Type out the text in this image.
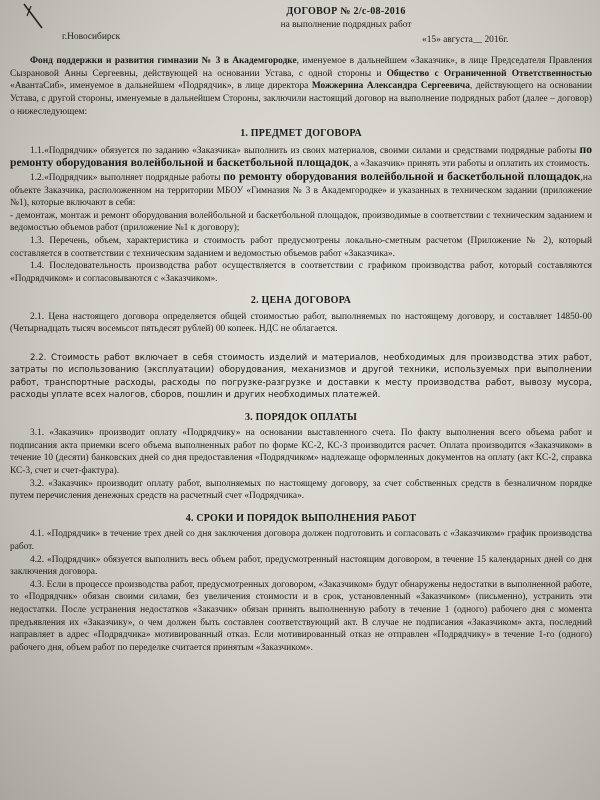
ДОГОВОР № 2/с-08-2016
на выполнение подрядных работ
г.Новосибирск	«15» августа__ 2016г.

Фонд поддержки и развития гимназии № 3 в Академгородке, именуемое в дальнейшем «Заказчик», в лице Председателя Правления Сызрановой Анны Сергеевны, действующей на основании Устава, с одной стороны и Общество с Ограниченной Ответственностью «АвантаСиб», именуемое в дальнейшем «Подрядчик», в лице директора Можжерина Александра Сергеевича, действующего на основании Устава, с другой стороны, именуемые в дальнейшем Стороны, заключили настоящий договор на выполнение подрядных работ (далее – договор) о нижеследующем:

1. ПРЕДМЕТ ДОГОВОРА

1.1.«Подрядчик» обязуется по заданию «Заказчика» выполнить из своих материалов, своими силами и средствами подрядные работы по ремонту оборудования волейбольной и баскетбольной площадок, а «Заказчик» принять эти работы и оплатить их стоимость.

1.2.«Подрядчик» выполняет подрядные работы по ремонту оборудования волейбольной и баскетбольной площадок,на объекте Заказчика, расположенном на территории МБОУ «Гимназия № 3 в Академгородке» и указанных в техническом задании (приложение №1), которые включают в себя:

- демонтаж, монтаж и ремонт оборудования волейбольной и баскетбольной площадок, произвoдимые в соответствии с техническим заданием и ведомостью объемов работ (приложение №1 к договору);

1.3. Перечень, объем, характеристика и стоимость работ предусмотрены локально-сметным расчетом (Приложение № 2), который составляется в соответствии с техническим заданием и ведомостью объемов работ «Заказчика».

1.4. Последовательность производства работ осуществляется в соответствии с графиком производства работ, который составляются «Подрядчиком» и согласовываются с «Заказчиком».

2. ЦЕНА ДОГОВОРА

2.1. Цена настоящего договора определяется общей стоимостью работ, выполняемых по настоящему договору, и составляет 14850-00 (Четырнадцать тысяч восемьсот пятьдесят рублей) 00 копеек. НДС не облагается.

2.2. Стоимость работ включает в себя стоимость изделий и материалов, необходимых для производства этих работ, затраты по использованию (эксплуатации) оборудования, механизмов и другой техники, используемых при выполнении работ, транспортные расходы, расходы по погрузке-разгрузке и доставки к месту производства работ, вывозу мусора, расходы уплате всех налогов, сборов, пошлин и других необходимых платежей.

3. ПОРЯДОК ОПЛАТЫ

3.1. «Заказчик» производит оплату «Подрядчику» на основании выставленного счета. По факту выполнения всего объема работ и подписания акта приемки всего объема выполненных работ по форме КС-2, КС-3 производится расчет. Оплата производится «Заказчиком» в течение 10 (десяти) банковских дней со дня предоставления «Подрядчиком» надлежаще оформленных документов на оплату (акт КС-2, справка КС-3, счет и счет-фактура).

3.2. «Заказчик» производит оплату работ, выполняемых по настоящему договору, за счет собственных средств в безналичном порядке путем перечисления денежных средств на расчетный счет «Подрядчика».

4. СРОКИ И ПОРЯДОК ВЫПОЛНЕНИЯ РАБОТ

4.1. «Подрядчик» в течение трех дней со дня заключения договора должен подготовить и согласовать с «Заказчиком» график производства работ.

4.2. «Подрядчик» обязуется выполнить весь объем работ, предусмотренный настоящим договором, в течение 15 календарных дней со дня заключения договора.

4.3. Если в процессе производства работ, предусмотренных договором, «Заказчиком» будут обнаружены недостатки в выполненной работе, то «Подрядчик» обязан своими силами, без увеличения стоимости и в срок, установленный «Заказчиком» (письменно), устранить эти недостатки. После устранения недостатков «Заказчик» обязан принять выполненную работу в течение 1 (одного) рабочего дня с момента предъявления их «Заказчику», о чем должен быть составлен соответствующий акт. В случае не подписания «Заказчиком» акта, последний направляет в адрес «Подрядчика» мотивированный отказ. Если мотивированный отказ не отправлен «Подрядчику» в течение 1-го (одного) рабочего дня, объем работ по переделке считается принятым «Заказчиком».
